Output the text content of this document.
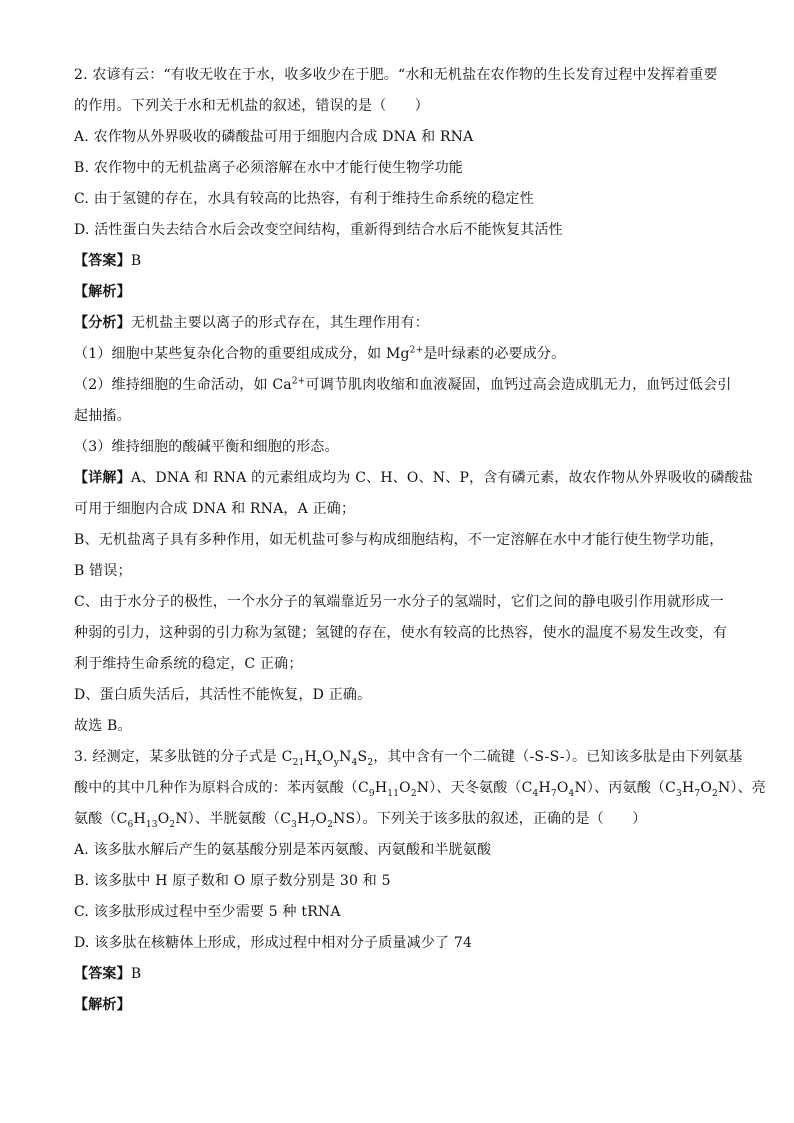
2. 农谚有云：“有收无收在于水，收多收少在于肥。“水和无机盐在农作物的生长发育过程中发挥着重要
的作用。下列关于水和无机盐的叙述，错误的是（　　）
A. 农作物从外界吸收的磷酸盐可用于细胞内合成 DNA 和 RNA
B. 农作物中的无机盐离子必须溶解在水中才能行使生物学功能
C. 由于氢键的存在，水具有较高的比热容，有利于维持生命系统的稳定性
D. 活性蛋白失去结合水后会改变空间结构，重新得到结合水后不能恢复其活性
【答案】B
【解析】
【分析】无机盐主要以离子的形式存在，其生理作用有：
（1）细胞中某些复杂化合物的重要组成成分，如 $Mg^{2+}$是叶绿素的必要成分。
（2）维持细胞的生命活动，如 $Ca^{2+}$可调节肌肉收缩和血液凝固，血钙过高会造成肌无力，血钙过低会引
起抽搐。
（3）维持细胞的酸碱平衡和细胞的形态。
【详解】A、DNA 和 RNA 的元素组成均为 C、H、O、N、P，含有磷元素，故农作物从外界吸收的磷酸盐
可用于细胞内合成 DNA 和 RNA，A 正确；
B、无机盐离子具有多种作用，如无机盐可参与构成细胞结构，不一定溶解在水中才能行使生物学功能，
B 错误；
C、由于水分子的极性，一个水分子的氧端靠近另一水分子的氢端时，它们之间的静电吸引作用就形成一
种弱的引力，这种弱的引力称为氢键；氢键的存在，使水有较高的比热容，使水的温度不易发生改变，有
利于维持生命系统的稳定，C 正确；
D、蛋白质失活后，其活性不能恢复，D 正确。
故选 B。
3. 经测定，某多肽链的分子式是 $C_{21}H_xO_yN_4S_2$，其中含有一个二硫键（-S-S-）。已知该多肽是由下列氨基
酸中的其中几种作为原料合成的：苯丙氨酸$(C_9H_{11}O_2N)$、天冬氨酸$(C_4H_7O_4N)$、丙氨酸$(C_3H_7O_2N)$、亮
氨酸$(C_6H_{13}O_2N)$、半胱氨酸$(C_3H_7O_2NS)$。下列关于该多肽的叙述，正确的是（　　）
A. 该多肽水解后产生的氨基酸分别是苯丙氨酸、丙氨酸和半胱氨酸
B. 该多肽中 H 原子数和 O 原子数分别是 30 和 5
C. 该多肽形成过程中至少需要 5 种 tRNA
D. 该多肽在核糖体上形成，形成过程中相对分子质量减少了 74
【答案】B
【解析】
